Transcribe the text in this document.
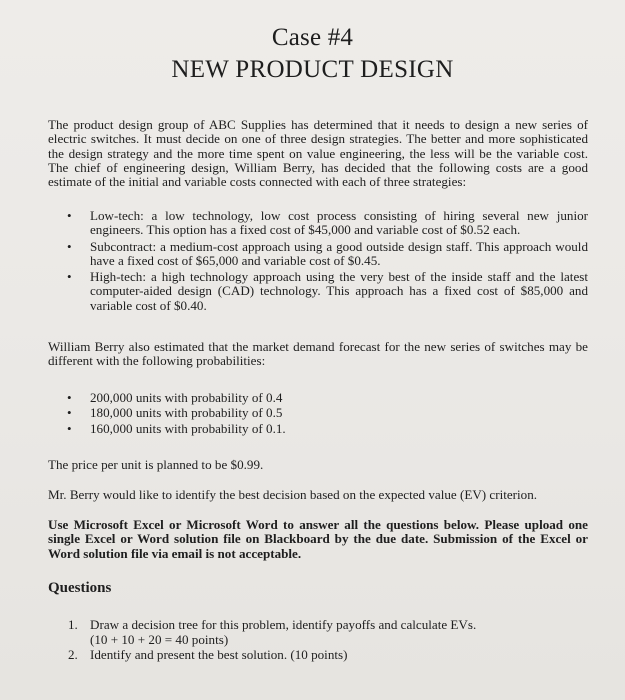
Case #4
NEW PRODUCT DESIGN
The product design group of ABC Supplies has determined that it needs to design a new series of electric switches. It must decide on one of three design strategies. The better and more sophisticated the design strategy and the more time spent on value engineering, the less will be the variable cost. The chief of engineering design, William Berry, has decided that the following costs are a good estimate of the initial and variable costs connected with each of three strategies:
• Low-tech: a low technology, low cost process consisting of hiring several new junior engineers. This option has a fixed cost of $45,000 and variable cost of $0.52 each.
• Subcontract: a medium-cost approach using a good outside design staff. This approach would have a fixed cost of $65,000 and variable cost of $0.45.
• High-tech: a high technology approach using the very best of the inside staff and the latest computer-aided design (CAD) technology. This approach has a fixed cost of $85,000 and variable cost of $0.40.
William Berry also estimated that the market demand forecast for the new series of switches may be different with the following probabilities:
• 200,000 units with probability of 0.4
• 180,000 units with probability of 0.5
• 160,000 units with probability of 0.1.
The price per unit is planned to be $0.99.
Mr. Berry would like to identify the best decision based on the expected value (EV) criterion.
Use Microsoft Excel or Microsoft Word to answer all the questions below. Please upload one single Excel or Word solution file on Blackboard by the due date. Submission of the Excel or Word solution file via email is not acceptable.
Questions
1. Draw a decision tree for this problem, identify payoffs and calculate EVs.
(10 + 10 + 20 = 40 points)
2. Identify and present the best solution. (10 points)
